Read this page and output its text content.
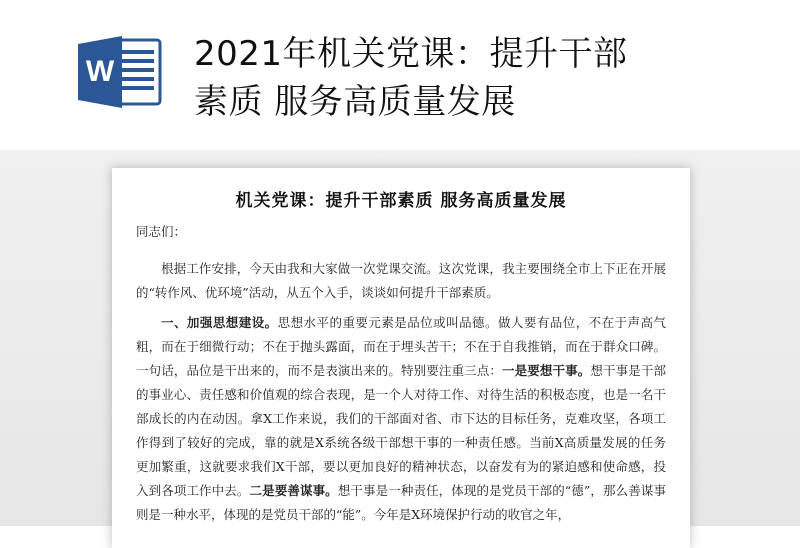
W 2021年机关党课：提升干部
素质 服务高质量发展
机关党课：提升干部素质 服务高质量发展
同志们：

根据工作安排，今天由我和大家做一次党课交流。这次党课，我主要围绕全市上下正在开展的“转作风、优环境”活动，从五个入手，谈谈如何提升干部素质。

一、加强思想建设。思想水平的重要元素是品位或叫品德。做人要有品位，不在于声高气粗，而在于细微行动；不在于抛头露面，而在于埋头苦干；不在于自我推销，而在于群众口碑。一句话，品位是干出来的，而不是表演出来的。特别要注重三点：一是要想干事。想干事是干部的事业心、责任感和价值观的综合表现，是一个人对待工作、对待生活的积极态度，也是一名干部成长的内在动因。拿X工作来说，我们的干部面对省、市下达的目标任务，克难攻坚，各项工作得到了较好的完成，靠的就是X系统各级干部想干事的一种责任感。当前X高质量发展的任务更加繁重，这就要求我们X干部，要以更加良好的精神状态，以奋发有为的紧迫感和使命感，投入到各项工作中去。二是要善谋事。想干事是一种责任，体现的是党员干部的“德”，那么善谋事则是一种水平，体现的是党员干部的“能”。今年是X环境保护行动的收官之年，
